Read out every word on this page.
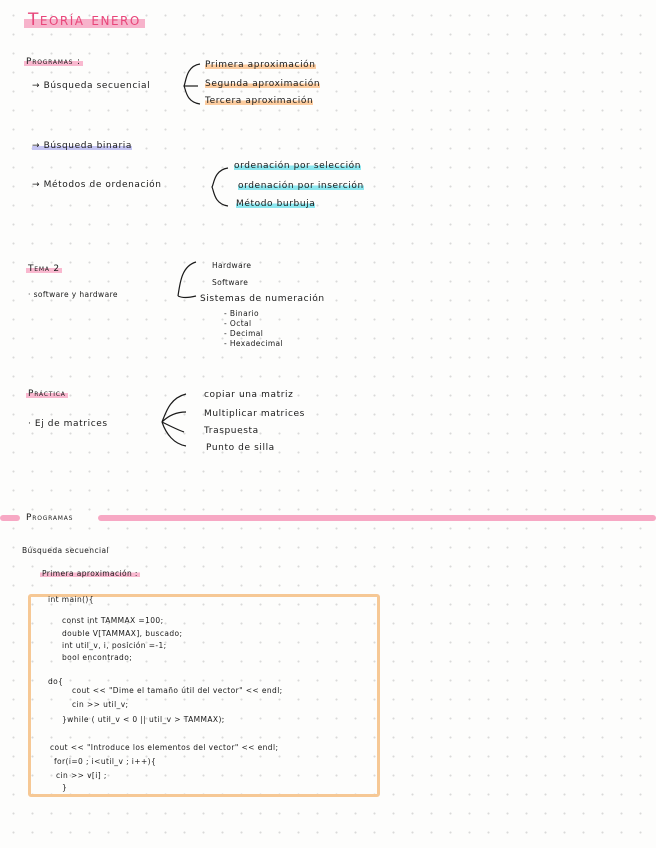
Teoría enero
Programas :
→ Búsqueda secuencial
Primera aproximación
Segunda aproximación
Tercera aproximación
→ Búsqueda binaria
→ Métodos de ordenación
ordenación por selección
ordenación por inserción
Método burbuja
Tema 2
· software y hardware
Hardware
Software
Sistemas de numeración
- Binario
- Octal
- Decimal
- Hexadecimal
Práctica
· Ej de matrices
copiar una matriz
Multiplicar matrices
Traspuesta
Punto de silla
Programas
Búsqueda secuencial
Primera aproximación :
int main(){
const int TAMMAX =100;
double V[TAMMAX], buscado;
int util_v, i, posición =-1;
bool encontrado;
do{
cout << "Dime el tamaño útil del vector" << endl;
cin >> util_v;
}while ( util_v < 0 || util_v > TAMMAX);
cout << "Introduce los elementos del vector" << endl;
for(i=0 ; i<util_v ; i++){
cin >> v[i] ;
}
